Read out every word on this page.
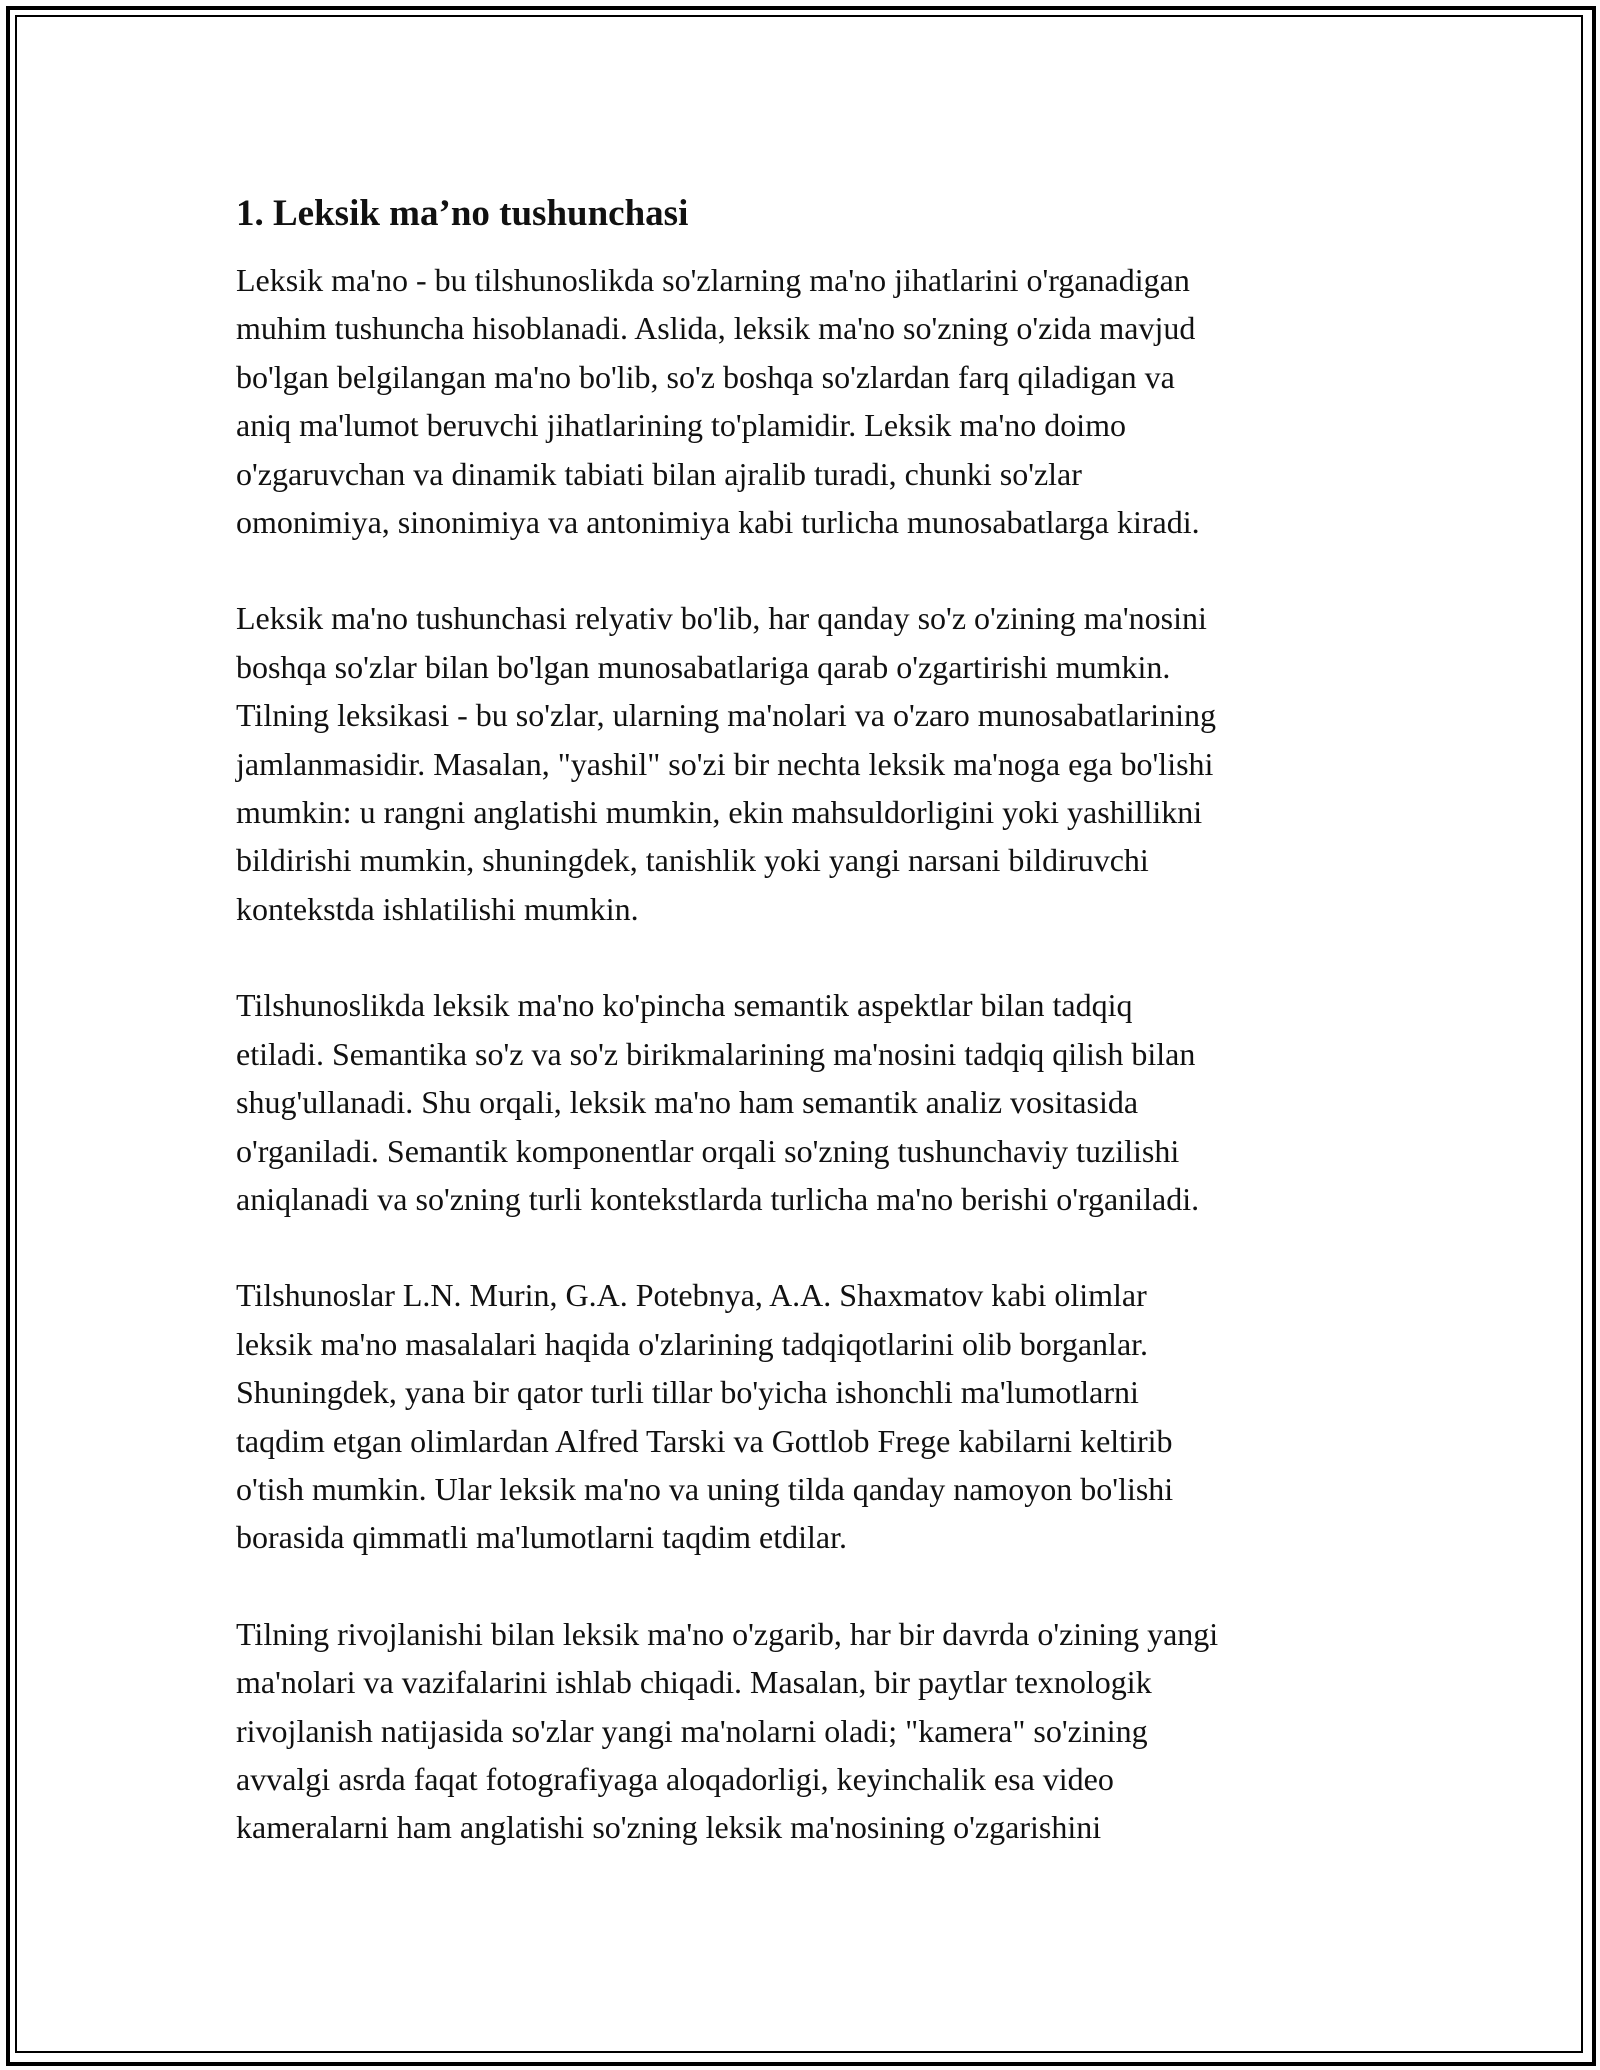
1. Leksik ma’no tushunchasi

Leksik ma'no - bu tilshunoslikda so'zlarning ma'no jihatlarini o'rganadigan
muhim tushuncha hisoblanadi. Aslida, leksik ma'no so'zning o'zida mavjud
bo'lgan belgilangan ma'no bo'lib, so'z boshqa so'zlardan farq qiladigan va
aniq ma'lumot beruvchi jihatlarining to'plamidir. Leksik ma'no doimo
o'zgaruvchan va dinamik tabiati bilan ajralib turadi, chunki so'zlar
omonimiya, sinonimiya va antonimiya kabi turlicha munosabatlarga kiradi.

Leksik ma'no tushunchasi relyativ bo'lib, har qanday so'z o'zining ma'nosini
boshqa so'zlar bilan bo'lgan munosabatlariga qarab o'zgartirishi mumkin.
Tilning leksikasi - bu so'zlar, ularning ma'nolari va o'zaro munosabatlarining
jamlanmasidir. Masalan, "yashil" so'zi bir nechta leksik ma'noga ega bo'lishi
mumkin: u rangni anglatishi mumkin, ekin mahsuldorligini yoki yashillikni
bildirishi mumkin, shuningdek, tanishlik yoki yangi narsani bildiruvchi
kontekstda ishlatilishi mumkin.

Tilshunoslikda leksik ma'no ko'pincha semantik aspektlar bilan tadqiq
etiladi. Semantika so'z va so'z birikmalarining ma'nosini tadqiq qilish bilan
shug'ullanadi. Shu orqali, leksik ma'no ham semantik analiz vositasida
o'rganiladi. Semantik komponentlar orqali so'zning tushunchaviy tuzilishi
aniqlanadi va so'zning turli kontekstlarda turlicha ma'no berishi o'rganiladi.

Tilshunoslar L.N. Murin, G.A. Potebnya, A.A. Shaxmatov kabi olimlar
leksik ma'no masalalari haqida o'zlarining tadqiqotlarini olib borganlar.
Shuningdek, yana bir qator turli tillar bo'yicha ishonchli ma'lumotlarni
taqdim etgan olimlardan Alfred Tarski va Gottlob Frege kabilarni keltirib
o'tish mumkin. Ular leksik ma'no va uning tilda qanday namoyon bo'lishi
borasida qimmatli ma'lumotlarni taqdim etdilar.

Tilning rivojlanishi bilan leksik ma'no o'zgarib, har bir davrda o'zining yangi
ma'nolari va vazifalarini ishlab chiqadi. Masalan, bir paytlar texnologik
rivojlanish natijasida so'zlar yangi ma'nolarni oladi; "kamera" so'zining
avvalgi asrda faqat fotografiyaga aloqadorligi, keyinchalik esa video
kameralarni ham anglatishi so'zning leksik ma'nosining o'zgarishini
